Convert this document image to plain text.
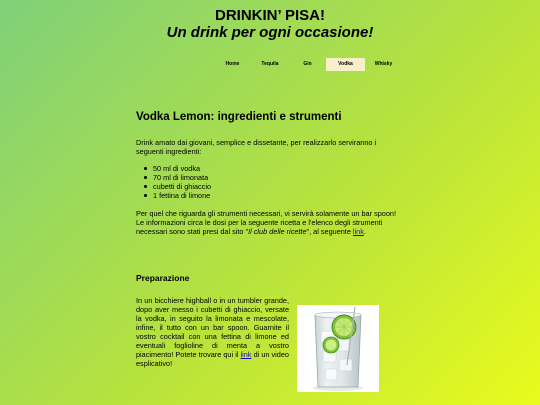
DRINKIN’ PISA!
Un drink per ogni occasione!
Home	Tequila	Gin	Vodka	Whisky
Vodka Lemon: ingredienti e strumenti

Drink amato dai giovani, semplice e dissetante, per realizzarlo serviranno i seguenti ingredienti:

50 ml di vodka
70 ml di limonata
cubetti di ghiaccio
1 fettina di limone

Per quel che riguarda gli strumenti necessari, vi servirà solamente un bar spoon! Le informazioni circa le dosi per la seguente ricetta e l'elenco degli strumenti necessari sono stati presi dal sito "Il club delle ricette", al seguente link.

Preparazione

In un bicchiere highball o in un tumbler grande, dopo aver messo i cubetti di ghiaccio, versate la vodka, in seguito la limonata e mescolate, infine, il tutto con un bar spoon. Guarnite il vostro cocktail con una fettina di limone ed eventuali foglioline di menta a vostro piacimento! Potete trovare qui il link di un video esplicativo!
